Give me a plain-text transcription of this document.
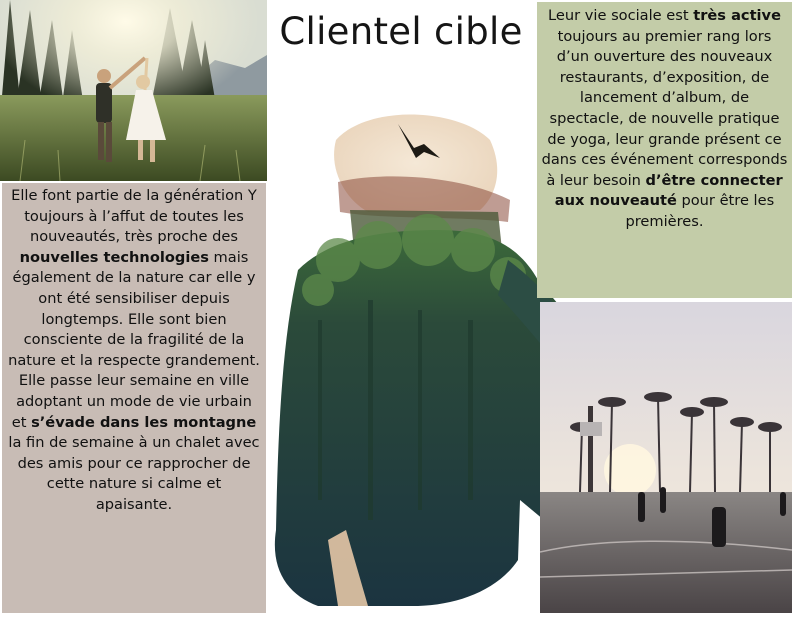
Clientel cible
Elle font partie de la génération Y toujours à l’affut de toutes les nouveautés, très proche des nouvelles technologies mais également de la nature car elle y ont été sensibiliser depuis longtemps. Elle sont bien consciente de la fragilité de la nature et la respecte grandement. Elle passe leur semaine en ville adoptant un mode de vie urbain et s’évade dans les montagne la fin de semaine à un chalet avec des amis pour ce rapprocher de cette nature si calme et apaisante.
Leur vie sociale est très active toujours au premier rang lors d’un ouverture des nouveaux restaurants, d’exposition, de lancement d’album, de spectacle, de nouvelle pratique de yoga, leur grande présent ce dans ces événement corresponds à leur besoin d’être connecter aux nouveauté pour être les premières.
